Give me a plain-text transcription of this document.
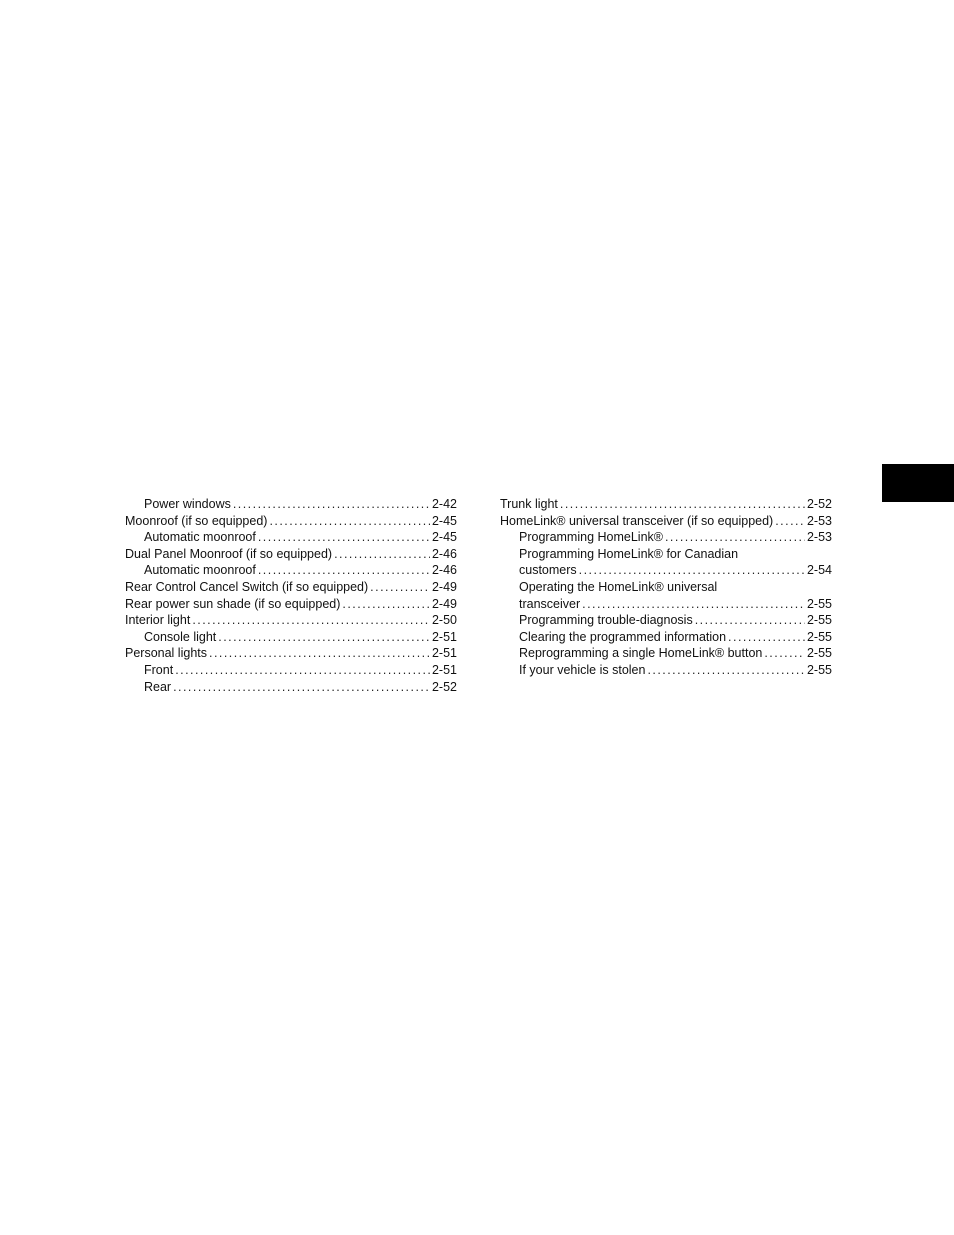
Power windows . . .	2-42
Moonroof (if so equipped) . . .	2-45
Automatic moonroof . . .	2-45
Dual Panel Moonroof (if so equipped) . . .	2-46
Automatic moonroof . . .	2-46
Rear Control Cancel Switch (if so equipped) . . .	2-49
Rear power sun shade (if so equipped) . . .	2-49
Interior light . . .	2-50
Console light . . .	2-51
Personal lights . . .	2-51
Front . . .	2-51
Rear . . .	2-52
Trunk light . . .	2-52
HomeLink® universal transceiver (if so equipped) . . .	2-53
Programming HomeLink® . . .	2-53
Programming HomeLink® for Canadian
customers . . .	2-54
Operating the HomeLink® universal
transceiver . . .	2-55
Programming trouble-diagnosis . . .	2-55
Clearing the programmed information . . .	2-55
Reprogramming a single HomeLink® button . . .	2-55
If your vehicle is stolen . . .	2-55
